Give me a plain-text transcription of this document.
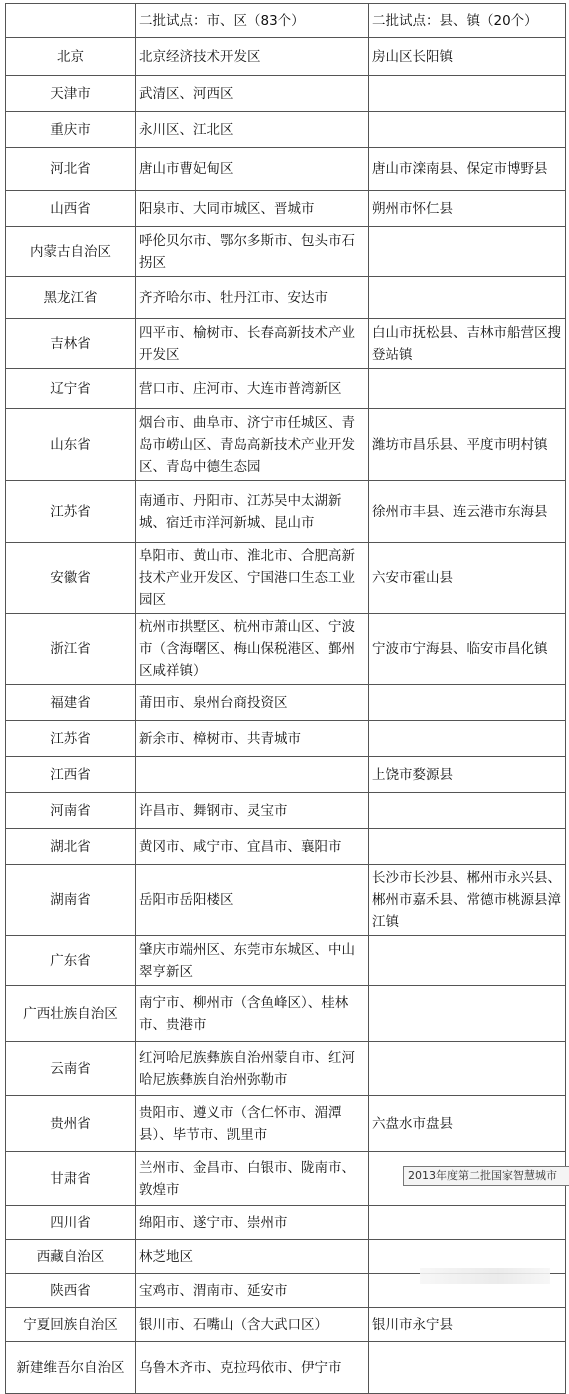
	二批试点：市、区（83个）	二批试点：县、镇（20个）
北京	北京经济技术开发区	房山区长阳镇
天津市	武清区、河西区	
重庆市	永川区、江北区	
河北省	唐山市曹妃甸区	唐山市滦南县、保定市博野县
山西省	阳泉市、大同市城区、晋城市	朔州市怀仁县
内蒙古自治区	呼伦贝尔市、鄂尔多斯市、包头市石拐区	
黑龙江省	齐齐哈尔市、牡丹江市、安达市	
吉林省	四平市、榆树市、长春高新技术产业开发区	白山市抚松县、吉林市船营区搜登站镇
辽宁省	营口市、庄河市、大连市普湾新区	
山东省	烟台市、曲阜市、济宁市任城区、青岛市崂山区、青岛高新技术产业开发区、青岛中德生态园	潍坊市昌乐县、平度市明村镇
江苏省	南通市、丹阳市、江苏吴中太湖新城、宿迁市洋河新城、昆山市	徐州市丰县、连云港市东海县
安徽省	阜阳市、黄山市、淮北市、合肥高新技术产业开发区、宁国港口生态工业园区	六安市霍山县
浙江省	杭州市拱墅区、杭州市萧山区、宁波市（含海曙区、梅山保税港区、鄞州区咸祥镇）	宁波市宁海县、临安市昌化镇
福建省	莆田市、泉州台商投资区	
江苏省	新余市、樟树市、共青城市	
江西省		上饶市婺源县
河南省	许昌市、舞钢市、灵宝市	
湖北省	黄冈市、咸宁市、宜昌市、襄阳市	
湖南省	岳阳市岳阳楼区	长沙市长沙县、郴州市永兴县、郴州市嘉禾县、常德市桃源县漳江镇
广东省	肇庆市端州区、东莞市东城区、中山翠亨新区	
广西壮族自治区	南宁市、柳州市（含鱼峰区）、桂林市、贵港市	
云南省	红河哈尼族彝族自治州蒙自市、红河哈尼族彝族自治州弥勒市	
贵州省	贵阳市、遵义市（含仁怀市、湄潭县）、毕节市、凯里市	六盘水市盘县
甘肃省	兰州市、金昌市、白银市、陇南市、敦煌市	
四川省	绵阳市、遂宁市、崇州市	
西藏自治区	林芝地区	
陕西省	宝鸡市、渭南市、延安市	
宁夏回族自治区	银川市、石嘴山（含大武口区）	银川市永宁县
新建维吾尔自治区	乌鲁木齐市、克拉玛依市、伊宁市	
2013年度第二批国家智慧城市
